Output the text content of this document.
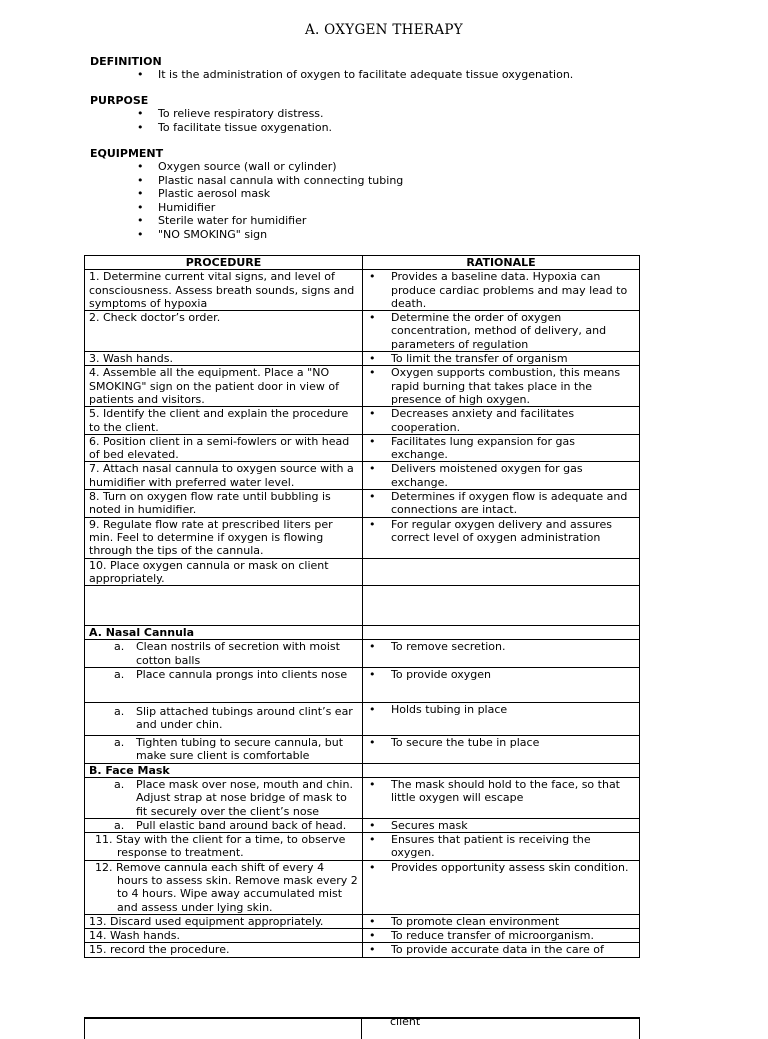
A. OXYGEN THERAPY
DEFINITION
• It is the administration of oxygen to facilitate adequate tissue oxygenation.
PURPOSE
• To relieve respiratory distress.
• To facilitate tissue oxygenation.
EQUIPMENT
• Oxygen source (wall or cylinder)
• Plastic nasal cannula with connecting tubing
• Plastic aerosol mask
• Humidifier
• Sterile water for humidifier
• "NO SMOKING" sign
PROCEDURE	RATIONALE
1. Determine current vital signs, and level of consciousness. Assess breath sounds, signs and symptoms of hypoxia	• Provides a baseline data. Hypoxia can produce cardiac problems and may lead to death.
2. Check doctor’s order.	• Determine the order of oxygen concentration, method of delivery, and parameters of regulation
3. Wash hands.	• To limit the transfer of organism
4. Assemble all the equipment. Place a "NO SMOKING" sign on the patient door in view of patients and visitors.	• Oxygen supports combustion, this means rapid burning that takes place in the presence of high oxygen.
5. Identify the client and explain the procedure to the client.	• Decreases anxiety and facilitates cooperation.
6. Position client in a semi-fowlers or with head of bed elevated.	• Facilitates lung expansion for gas exchange.
7. Attach nasal cannula to oxygen source with a humidifier with preferred water level.	• Delivers moistened oxygen for gas exchange.
8. Turn on oxygen flow rate until bubbling is noted in humidifier.	• Determines if oxygen flow is adequate and connections are intact.
9. Regulate flow rate at prescribed liters per min. Feel to determine if oxygen is flowing through the tips of the cannula.	• For regular oxygen delivery and assures correct level of oxygen administration
10. Place oxygen cannula or mask on client appropriately.	

A. Nasal Cannula	

a. Clean nostrils of secretion with moist cotton balls	• To remove secretion.

a. Place cannula prongs into clients nose	• To provide oxygen

a. Slip attached tubings around clint’s ear and under chin.	• Holds tubing in place

a. Tighten tubing to secure cannula, but make sure client is comfortable	• To secure the tube in place
B. Face Mask	

a. Place mask over nose, mouth and chin. Adjust strap at nose bridge of mask to fit securely over the client’s nose	• The mask should hold to the face, so that little oxygen will escape

a. Pull elastic band around back of head.	• Secures mask

11. Stay with the client for a time, to observe response to treatment.	• Ensures that patient is receiving the oxygen.

12. Remove cannula each shift of every 4 hours to assess skin. Remove mask every 2 to 4 hours. Wipe away accumulated mist and assess under lying skin.	• Provides opportunity assess skin condition.
13. Discard used equipment appropriately.	• To promote clean environment
14. Wash hands.	• To reduce transfer of microorganism.
15. record the procedure.	• To provide accurate data in the care of
client
